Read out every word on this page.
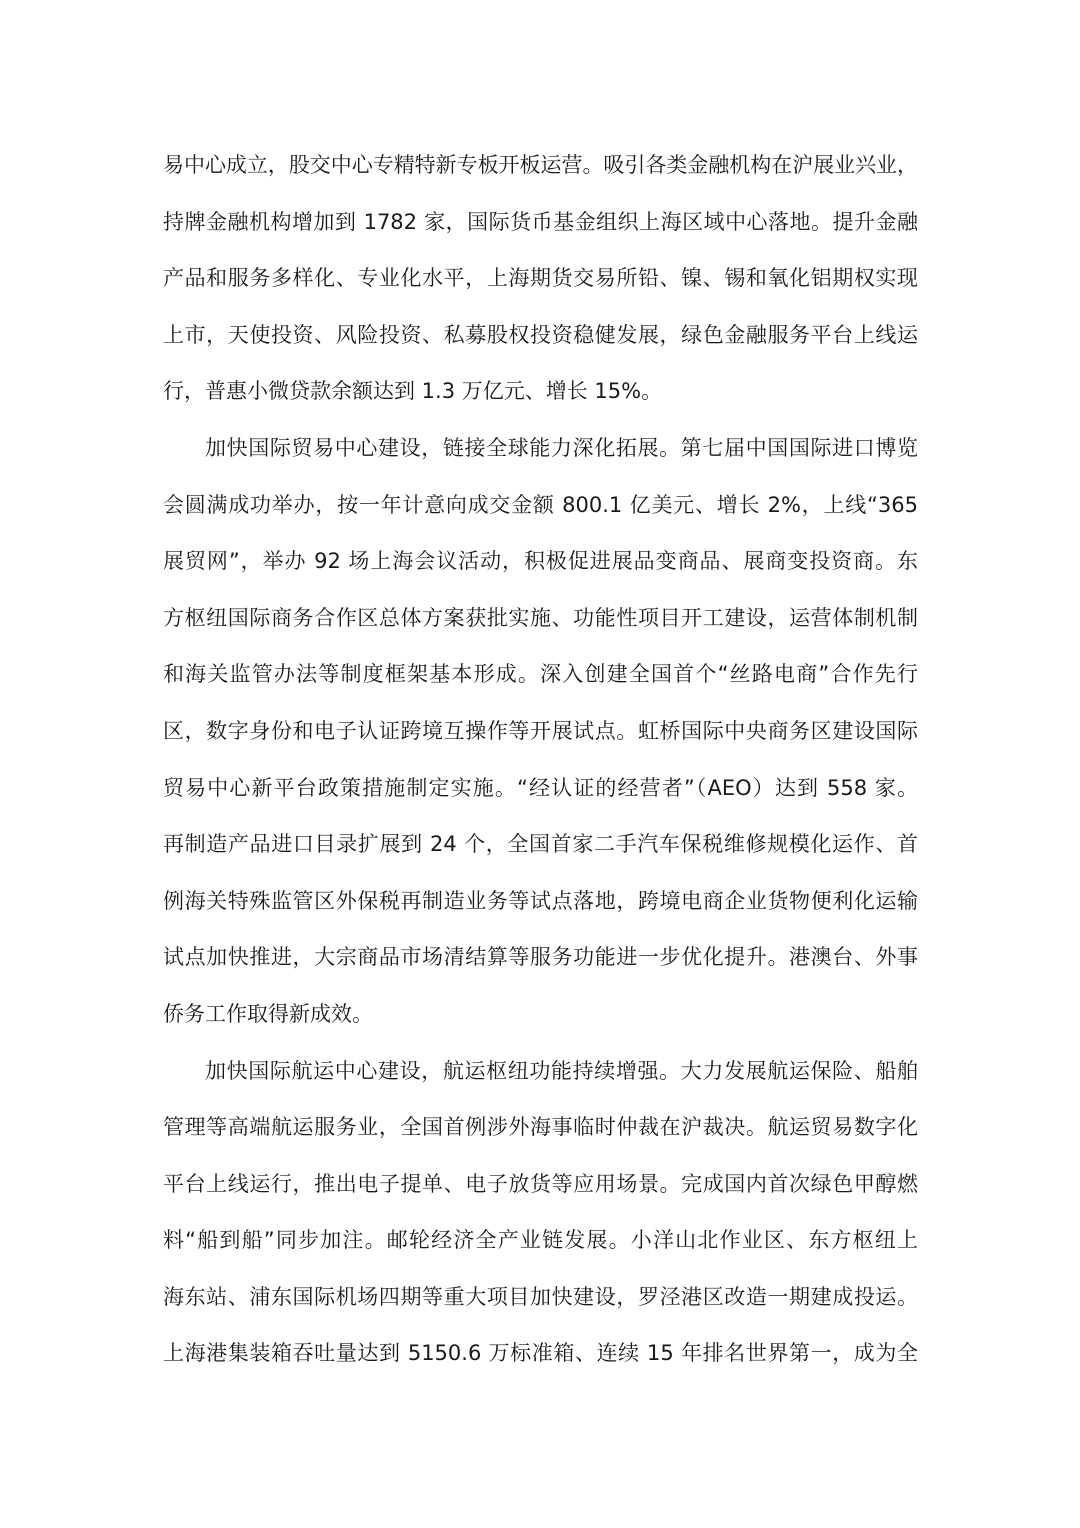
易中心成立，股交中心专精特新专板开板运营。吸引各类金融机构在沪展业兴业，
持牌金融机构增加到 1782 家，国际货币基金组织上海区域中心落地。提升金融
产品和服务多样化、专业化水平，上海期货交易所铅、镍、锡和氧化铝期权实现
上市，天使投资、风险投资、私募股权投资稳健发展，绿色金融服务平台上线运
行，普惠小微贷款余额达到 1.3 万亿元、增长 15%。
加快国际贸易中心建设，链接全球能力深化拓展。第七届中国国际进口博览
会圆满成功举办，按一年计意向成交金额 800.1 亿美元、增长 2%，上线“365
展贸网”，举办 92 场上海会议活动，积极促进展品变商品、展商变投资商。东
方枢纽国际商务合作区总体方案获批实施、功能性项目开工建设，运营体制机制
和海关监管办法等制度框架基本形成。深入创建全国首个“丝路电商”合作先行
区，数字身份和电子认证跨境互操作等开展试点。虹桥国际中央商务区建设国际
贸易中心新平台政策措施制定实施。“经认证的经营者”（AEO）达到 558 家。
再制造产品进口目录扩展到 24 个，全国首家二手汽车保税维修规模化运作、首
例海关特殊监管区外保税再制造业务等试点落地，跨境电商企业货物便利化运输
试点加快推进，大宗商品市场清结算等服务功能进一步优化提升。港澳台、外事
侨务工作取得新成效。
加快国际航运中心建设，航运枢纽功能持续增强。大力发展航运保险、船舶
管理等高端航运服务业，全国首例涉外海事临时仲裁在沪裁决。航运贸易数字化
平台上线运行，推出电子提单、电子放货等应用场景。完成国内首次绿色甲醇燃
料“船到船”同步加注。邮轮经济全产业链发展。小洋山北作业区、东方枢纽上
海东站、浦东国际机场四期等重大项目加快建设，罗泾港区改造一期建成投运。
上海港集装箱吞吐量达到 5150.6 万标准箱、连续 15 年排名世界第一，成为全
